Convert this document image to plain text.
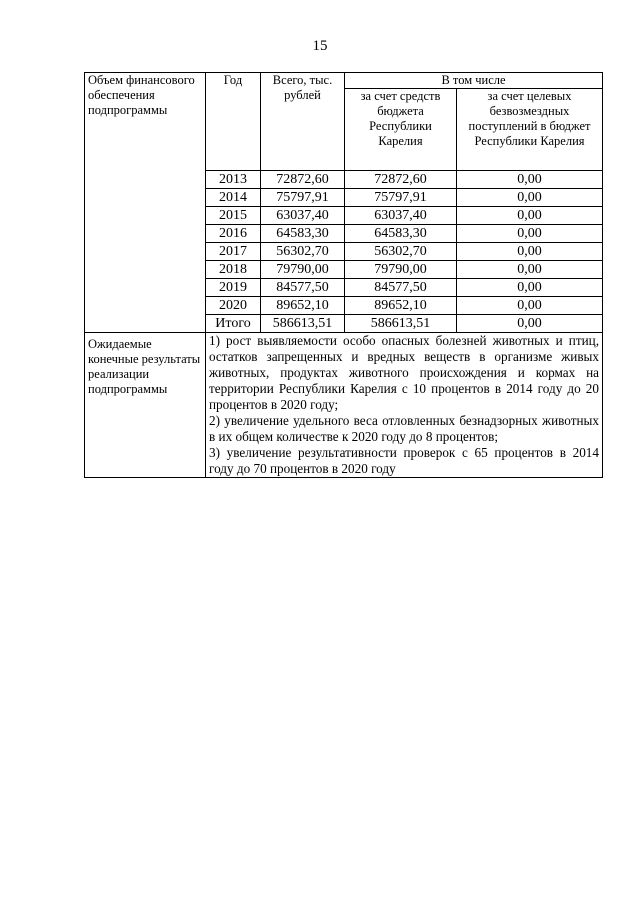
15
Объем финансового обеспечения подпрограммы	Год	Всего, тыс. рублей	В том числе	
			за счет средств бюджета Республики Карелия	за счет целевых безвозмездных поступлений в бюджет Республики Карелия
	2013	72872,60	72872,60	0,00
	2014	75797,91	75797,91	0,00
	2015	63037,40	63037,40	0,00
	2016	64583,30	64583,30	0,00
	2017	56302,70	56302,70	0,00
	2018	79790,00	79790,00	0,00
	2019	84577,50	84577,50	0,00
	2020	89652,10	89652,10	0,00
	Итого	586613,51	586613,51	0,00
Ожидаемые конечные результаты реализации подпрограммы	1) рост выявляемости особо опасных болезней животных и птиц, остатков запрещенных и вредных веществ в организме живых животных, продуктах животного происхождения и кормах на территории Республики Карелия с 10 процентов в 2014 году до 20 процентов в 2020 году;

2) увеличение удельного веса отловленных безнадзорных животных в их общем количестве к 2020 году до 8 процентов;

3) увеличение результативности проверок с 65 процентов в 2014 году до 70 процентов в 2020 году			
